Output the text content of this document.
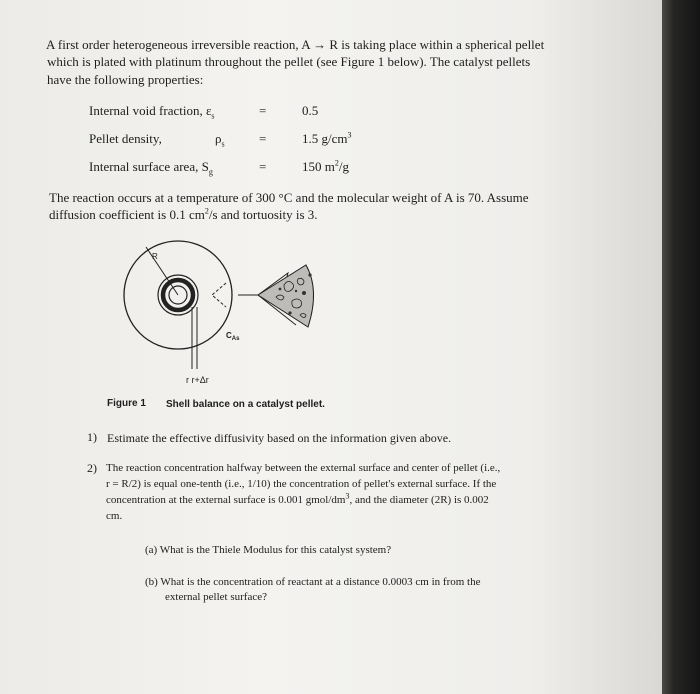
A first order heterogeneous irreversible reaction, A → R is taking place within a spherical pellet
which is plated with platinum throughout the pellet (see Figure 1 below). The catalyst pellets
have the following properties:
Internal void fraction, $\varepsilon_s$	=	0.5
Pellet density,	$\rho_s$	=	1.5 $g/cm^3$
Internal surface area, $S_g$	=	150 $m^2/g$
The reaction occurs at a temperature of 300 °C and the molecular weight of A is 70. Assume
diffusion coefficient is 0.1 $cm^2/s$ and tortuosity is 3.
R
$C_{As}$
r r+Δr
Figure 1 Shell balance on a catalyst pellet.
1) Estimate the effective diffusivity based on the information given above.
2) The reaction concentration halfway between the external surface and center of pellet (i.e.,
r = R/2) is equal one-tenth (i.e., 1/10) the concentration of pellet's external surface. If the
concentration at the external surface is 0.001 gmol/$dm^3$, and the diameter (2R) is 0.002
cm.
(a) What is the Thiele Modulus for this catalyst system?
(b) What is the concentration of reactant at a distance 0.0003 cm in from the
external pellet surface?
